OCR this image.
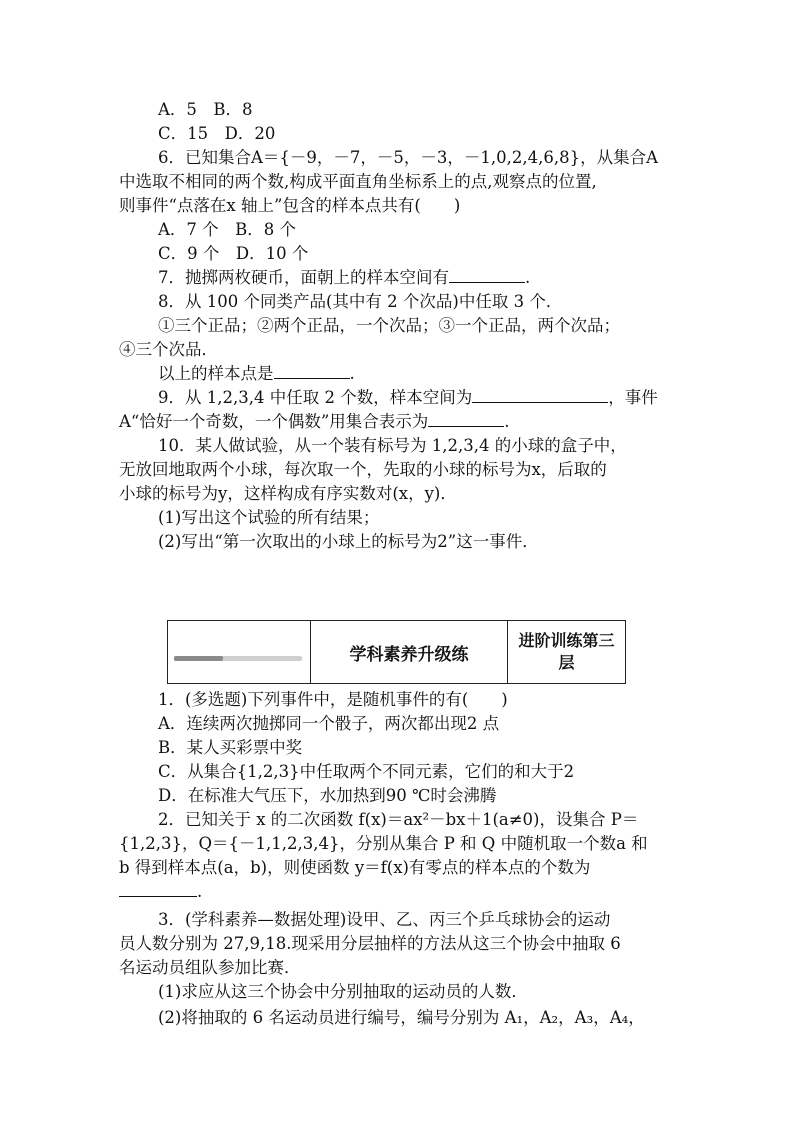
A．5　B．8
C．15　D．20
6．已知集合A＝{－9，－7，－5，－3，－1,0,2,4,6,8}，从集合A
中选取不相同的两个数,构成平面直角坐标系上的点,观察点的位置,
则事件“点落在x 轴上”包含的样本点共有(　　)
A．7 个　B．8 个
C．9 个　D．10 个
7．抛掷两枚硬币，面朝上的样本空间有	.
8．从 100 个同类产品(其中有 2 个次品)中任取 3 个．
①三个正品；②两个正品，一个次品；③一个正品，两个次品；
④三个次品．
以上的样本点是	.
9．从 1,2,3,4 中任取 2 个数，样本空间为	，事件
A“恰好一个奇数，一个偶数”用集合表示为	.
10．某人做试验，从一个装有标号为 1,2,3,4 的小球的盒子中，
无放回地取两个小球，每次取一个，先取的小球的标号为x，后取的
小球的标号为y，这样构成有序实数对(x，y)．
(1)写出这个试验的所有结果；
(2)写出“第一次取出的小球上的标号为2”这一事件．
学科素养升级练
进阶训练第三层
1．(多选题)下列事件中，是随机事件的有(　　)
A．连续两次抛掷同一个骰子，两次都出现2 点
B．某人买彩票中奖
C．从集合{1,2,3}中任取两个不同元素，它们的和大于2
D．在标准大气压下，水加热到90 ℃时会沸腾
2．已知关于 x 的二次函数 f(x)＝ax²－bx＋1(a≠0)，设集合 P＝
{1,2,3}，Q＝{－1,1,2,3,4}，分别从集合 P 和 Q 中随机取一个数a 和
b 得到样本点(a，b)，则使函数 y＝f(x)有零点的样本点的个数为
.
3．(学科素养—数据处理)设甲、乙、丙三个乒乓球协会的运动
员人数分别为 27,9,18.现采用分层抽样的方法从这三个协会中抽取 6
名运动员组队参加比赛．
(1)求应从这三个协会中分别抽取的运动员的人数．
(2)将抽取的 6 名运动员进行编号，编号分别为 A₁，A₂，A₃，A₄，
